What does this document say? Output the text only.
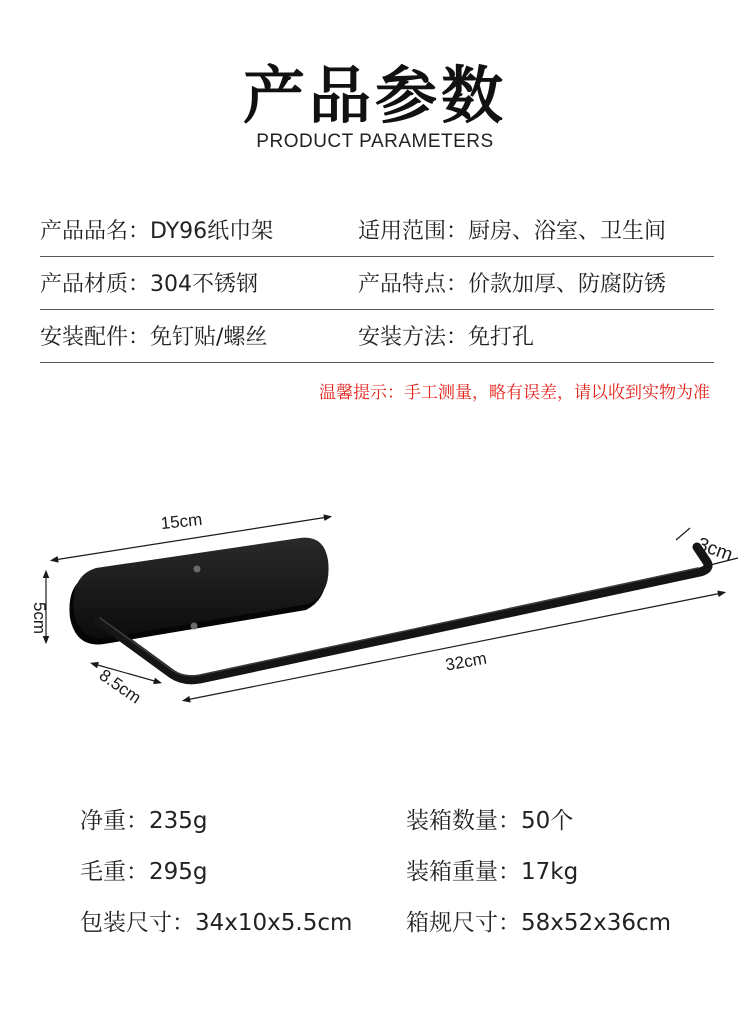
产品参数
PRODUCT PARAMETERS
产品品名：DY96纸巾架	适用范围：厨房、浴室、卫生间
产品材质：304不锈钢	产品特点：价款加厚、防腐防锈
安装配件：免钉贴/螺丝	安装方法：免打孔
温馨提示：手工测量，略有误差，请以收到实物为准
15cm
5cm
8.5cm
32cm
3cm
净重：235g	装箱数量：50个
毛重：295g	装箱重量：17kg
包装尺寸：34x10x5.5cm 箱规尺寸：58x52x36cm
